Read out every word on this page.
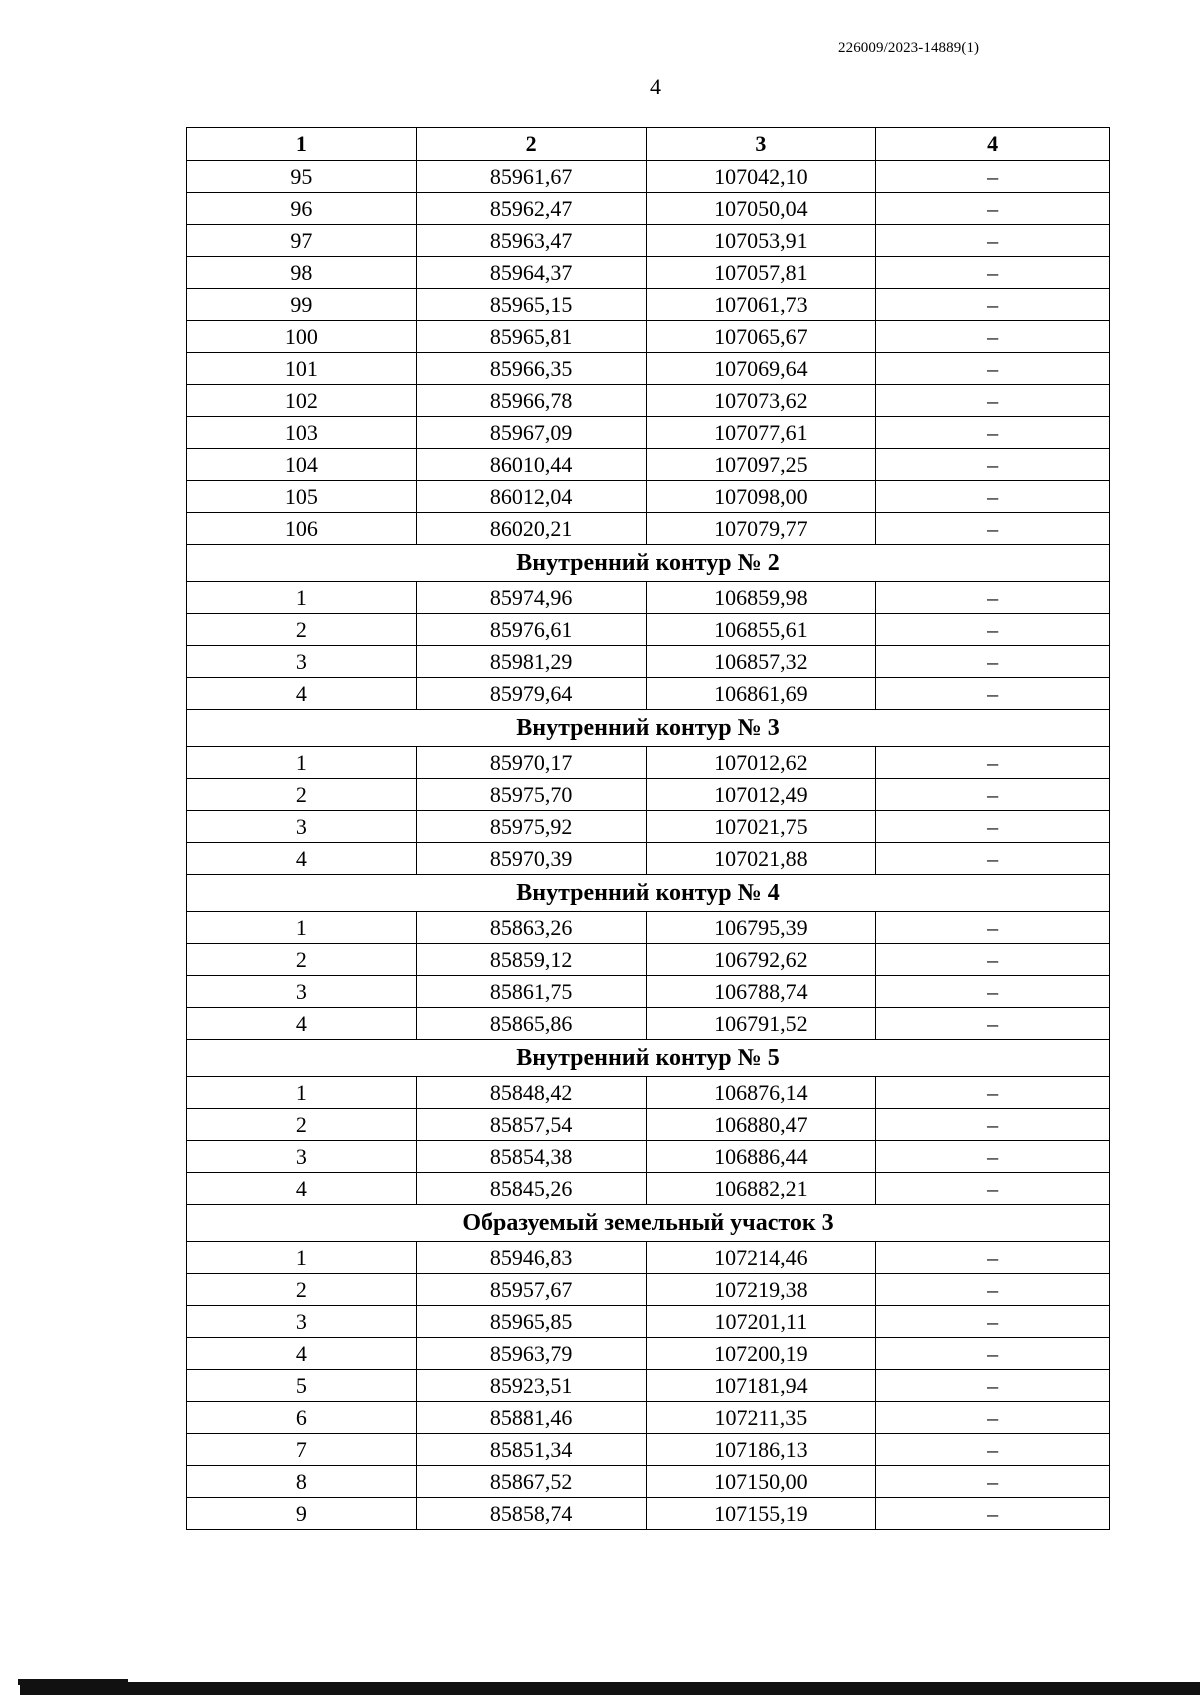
226009/2023-14889(1)
4
1	2	3	4
95	85961,67	107042,10	–
96	85962,47	107050,04	–
97	85963,47	107053,91	–
98	85964,37	107057,81	–
99	85965,15	107061,73	–
100	85965,81	107065,67	–
101	85966,35	107069,64	–
102	85966,78	107073,62	–
103	85967,09	107077,61	–
104	86010,44	107097,25	–
105	86012,04	107098,00	–
106	86020,21	107079,77	–
Внутренний контур № 2			
1	85974,96	106859,98	–
2	85976,61	106855,61	–
3	85981,29	106857,32	–
4	85979,64	106861,69	–
Внутренний контур № 3			
1	85970,17	107012,62	–
2	85975,70	107012,49	–
3	85975,92	107021,75	–
4	85970,39	107021,88	–
Внутренний контур № 4			
1	85863,26	106795,39	–
2	85859,12	106792,62	–
3	85861,75	106788,74	–
4	85865,86	106791,52	–
Внутренний контур № 5			
1	85848,42	106876,14	–
2	85857,54	106880,47	–
3	85854,38	106886,44	–
4	85845,26	106882,21	–
Образуемый земельный участок 3			
1	85946,83	107214,46	–
2	85957,67	107219,38	–
3	85965,85	107201,11	–
4	85963,79	107200,19	–
5	85923,51	107181,94	–
6	85881,46	107211,35	–
7	85851,34	107186,13	–
8	85867,52	107150,00	–
9	85858,74	107155,19	–
